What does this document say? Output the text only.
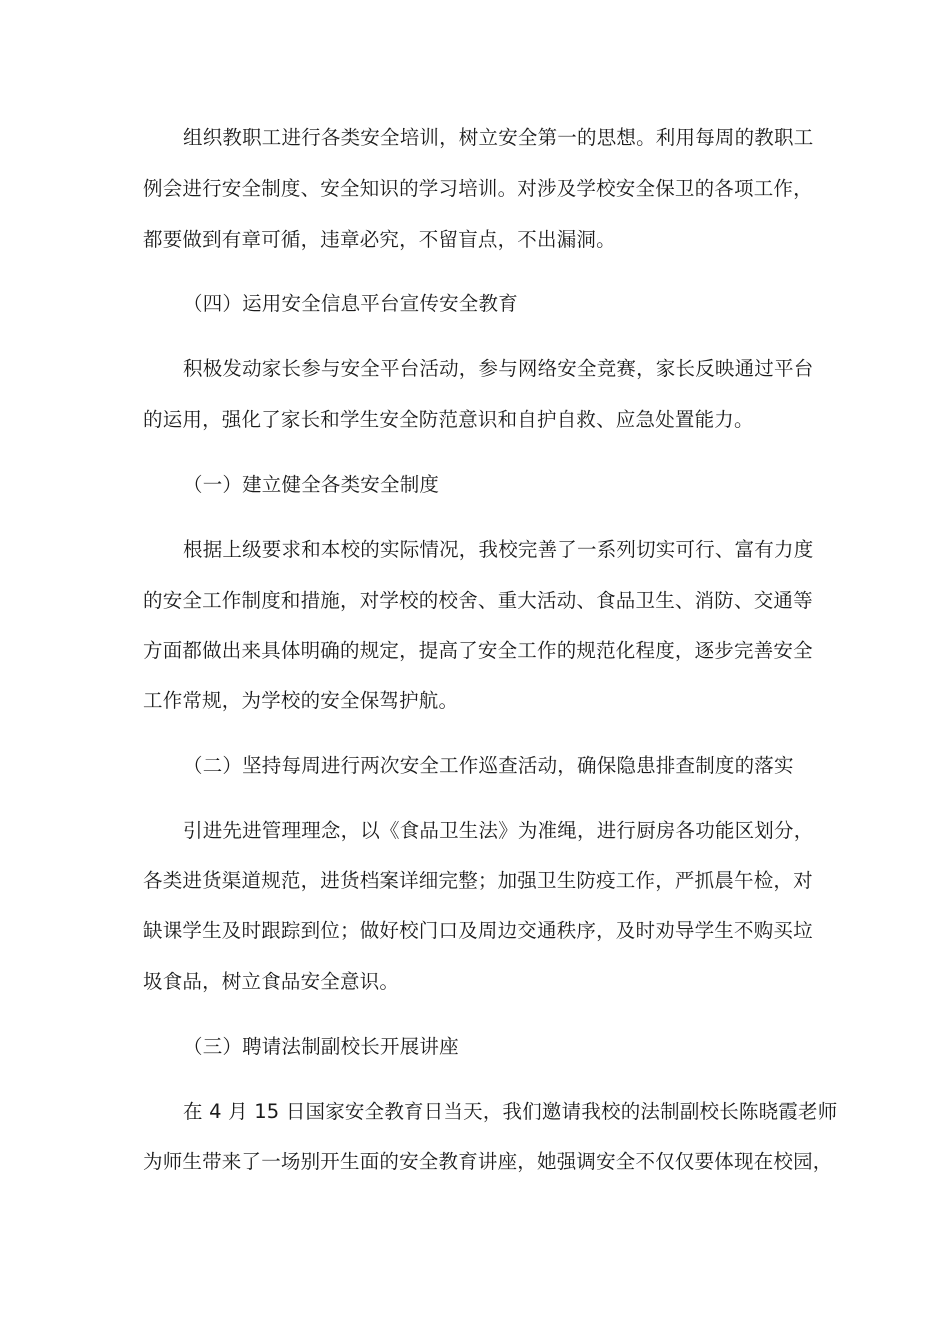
组织教职工进行各类安全培训，树立安全第一的思想。利用每周的教职工
例会进行安全制度、安全知识的学习培训。对涉及学校安全保卫的各项工作，
都要做到有章可循，违章必究，不留盲点，不出漏洞。
（四）运用安全信息平台宣传安全教育
积极发动家长参与安全平台活动，参与网络安全竞赛，家长反映通过平台
的运用，强化了家长和学生安全防范意识和自护自救、应急处置能力。
（一）建立健全各类安全制度
根据上级要求和本校的实际情况，我校完善了一系列切实可行、富有力度
的安全工作制度和措施，对学校的校舍、重大活动、食品卫生、消防、交通等
方面都做出来具体明确的规定，提高了安全工作的规范化程度，逐步完善安全
工作常规，为学校的安全保驾护航。
（二）坚持每周进行两次安全工作巡查活动，确保隐患排查制度的落实
引进先进管理理念，以《食品卫生法》为准绳，进行厨房各功能区划分，
各类进货渠道规范，进货档案详细完整；加强卫生防疫工作，严抓晨午检，对
缺课学生及时跟踪到位；做好校门口及周边交通秩序，及时劝导学生不购买垃
圾食品，树立食品安全意识。
（三）聘请法制副校长开展讲座
在 4 月 15 日国家安全教育日当天，我们邀请我校的法制副校长陈晓霞老师
为师生带来了一场别开生面的安全教育讲座，她强调安全不仅仅要体现在校园，
